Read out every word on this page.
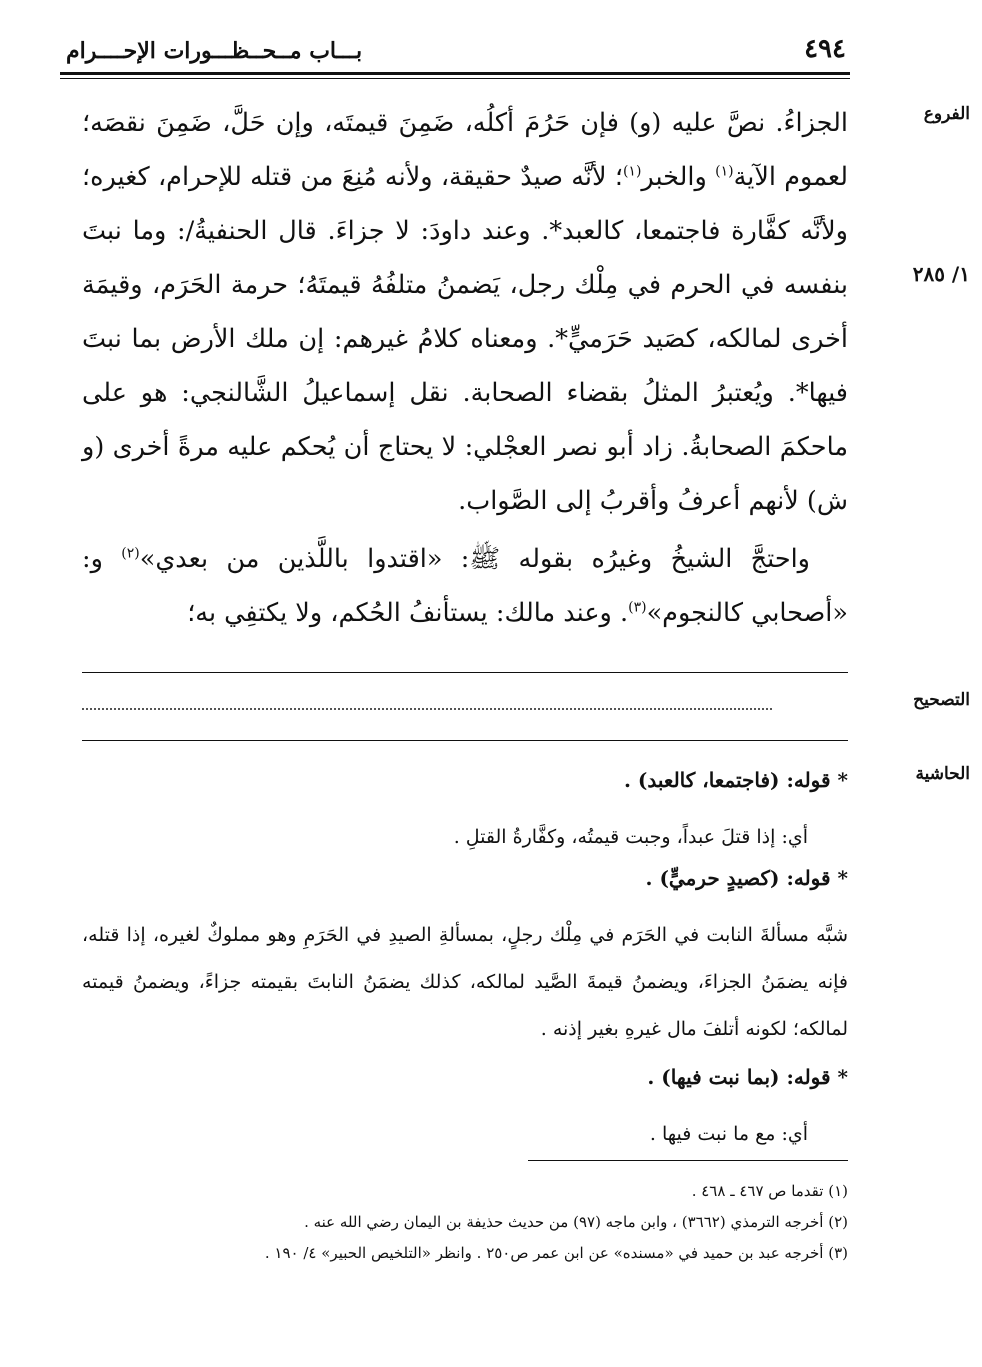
٤٩٤
بـــاب مــحــظـــورات الإحــــرام
الفروع
١/ ٢٨٥

الجزاءُ. نصَّ عليه (و) فإن حَرُمَ أكلُه، ضَمِنَ قيمتَه، وإن حَلَّ، ضَمِنَ نقصَه؛ لعموم الآية$^{(١)}$ والخبر$^{(١)}$؛ لأنَّه صيدٌ حقيقة، ولأنه مُنِعَ من قتله للإحرام، كغيره؛ ولأنَّه كفَّارة فاجتمعا، كالعبد*. وعند داودَ: لا جزاءَ. قال الحنفيةُ/: وما نبتَ بنفسه في الحرم في مِلْك رجل، يَضمنُ متلفُهُ قيمتَهُ؛ حرمة الحَرَم، وقيمَة أخرى لمالكه، كصَيد حَرَميٍّ*. ومعناه كلامُ غيرهم: إن ملك الأرض بما نبتَ فيها*. ويُعتبرُ المثلُ بقضاء الصحابة. نقل إسماعيلُ الشَّالنجي: هو على ماحكمَ الصحابةُ. زاد أبو نصر العجْلي: لا يحتاج أن يُحكم عليه مرةً أخرى (و ش) لأنهم أعرفُ وأقربُ إلى الصَّواب.

واحتجَّ الشيخُ وغيرُه بقوله ﷺ: «اقتدوا باللَّذين من بعدي»$^{(٢)}$ و: «أصحابي كالنجوم»$^{(٣)}$. وعند مالك: يستأنفُ الحُكم، ولا يكتفِي به؛

التصحيح
الحاشية

* قوله: (فاجتمعا، كالعبد) .

أي: إذا قتلَ عبداً، وجبت قيمتُه، وكفَّارةُ القتلِ .

* قوله: (كصيدٍ حرميٍّ) .

شبَّه مسألةَ النابت في الحَرَم في مِلْك رجلٍ، بمسألةِ الصيدِ في الحَرَمِ وهو مملوكٌ لغيره، إذا قتله، فإنه يضمَنُ الجزاءَ، ويضمنُ قيمةَ الصَّيد لمالكه، كذلك يضمَنُ النابتَ بقيمته جزاءً، ويضمنُ قيمته لمالكه؛ لكونه أتلفَ مال غيرهِ بغير إذنه .

* قوله: (بما نبت فيها) .

أي: مع ما نبت فيها .

(١) تقدما ص ٤٦٧ ـ ٤٦٨ .

(٢) أخرجه الترمذي (٣٦٦٢) ، وابن ماجه (٩٧) من حديث حذيفة بن اليمان رضي الله عنه .

(٣) أخرجه عبد بن حميد في «مسنده» عن ابن عمر ص٢٥٠ . وانظر «التلخيص الحبير» ٤/ ١٩٠ .
